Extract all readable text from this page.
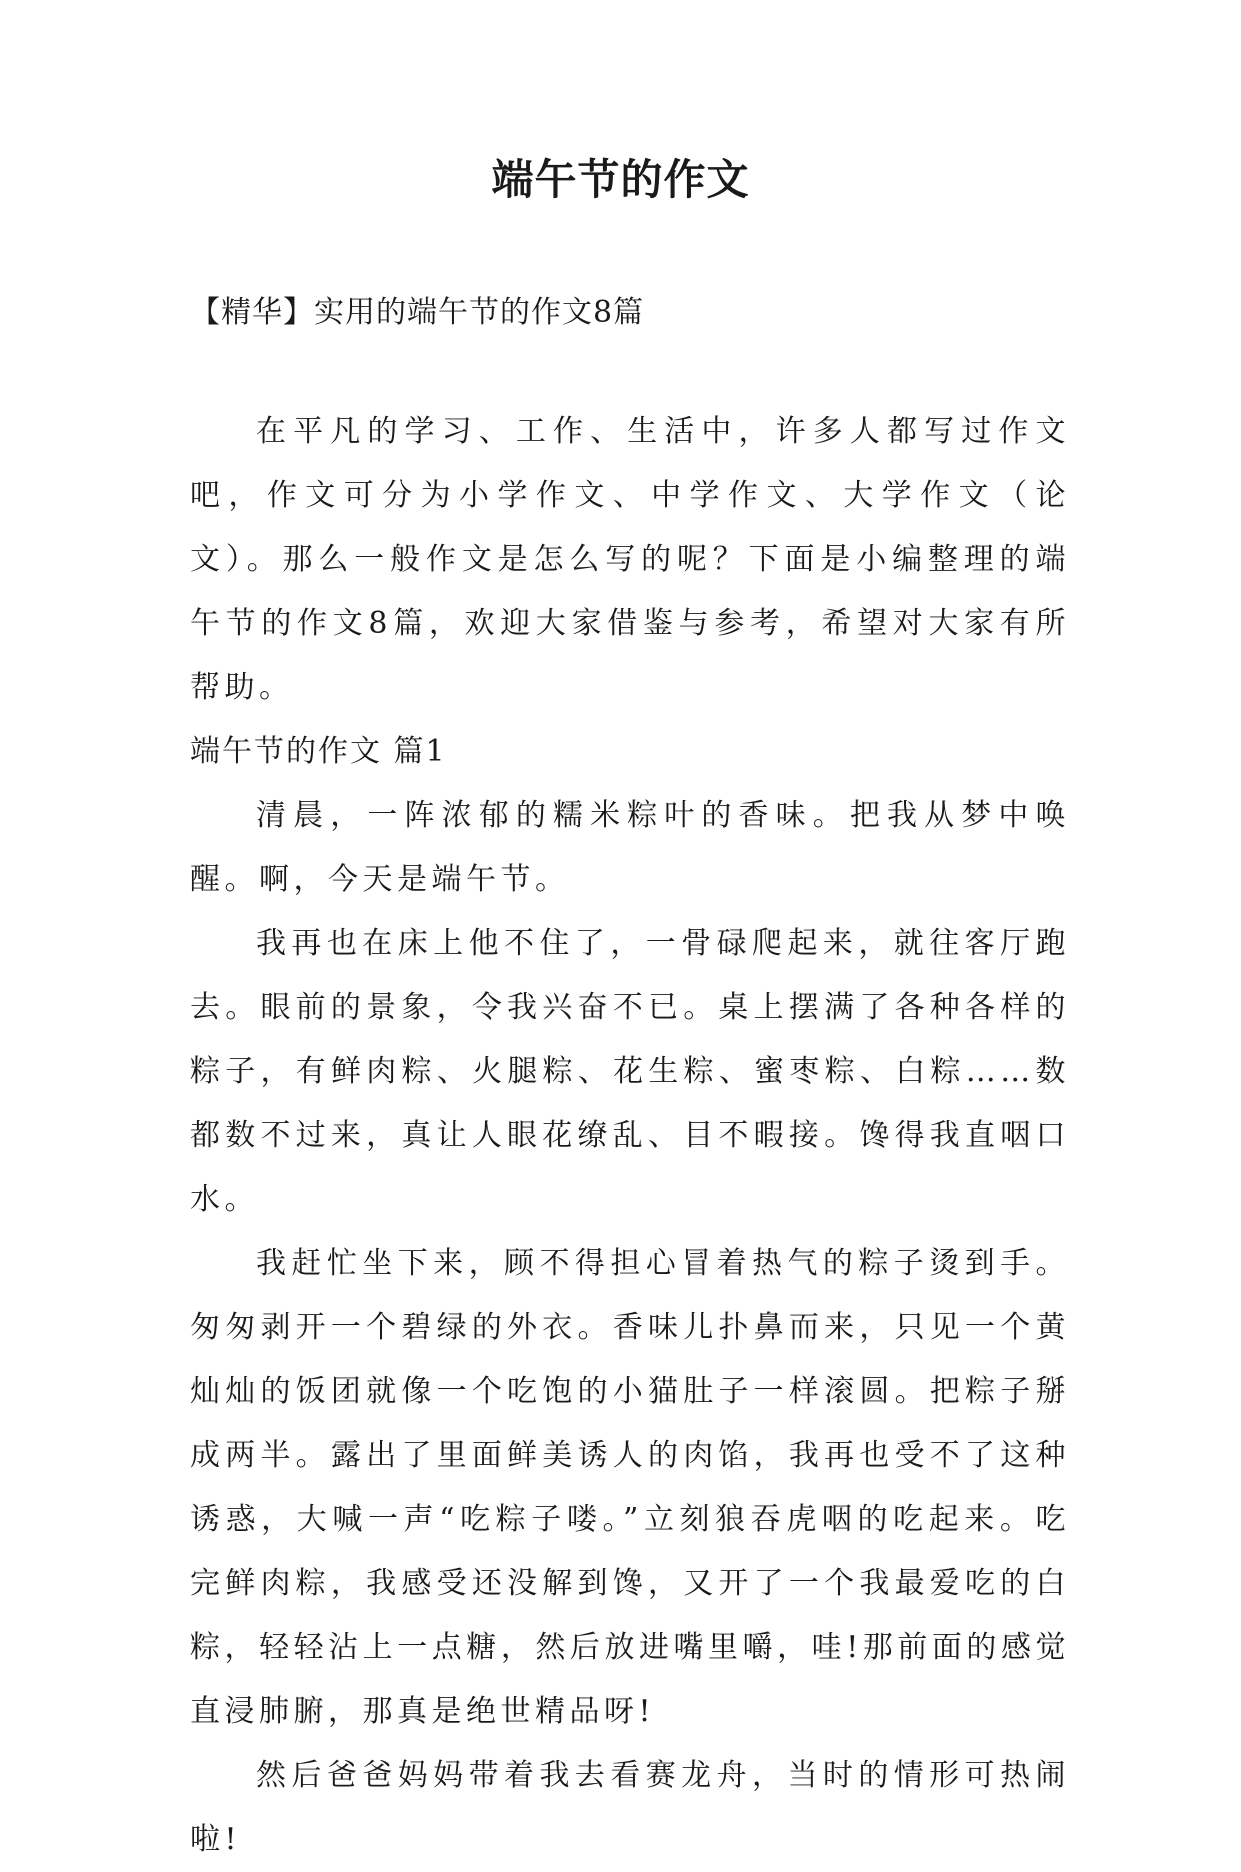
端午节的作文

【精华】实用的端午节的作文8篇

在平凡的学习、工作、生活中，许多人都写过作文吧，作文可分为小学作文、中学作文、大学作文（论文）。那么一般作文是怎么写的呢？下面是小编整理的端午节的作文8篇，欢迎大家借鉴与参考，希望对大家有所帮助。

端午节的作文 篇1

清晨，一阵浓郁的糯米粽叶的香味。把我从梦中唤醒。啊，今天是端午节。

我再也在床上他不住了，一骨碌爬起来，就往客厅跑去。眼前的景象，令我兴奋不已。桌上摆满了各种各样的粽子，有鲜肉粽、火腿粽、花生粽、蜜枣粽、白粽……数都数不过来，真让人眼花缭乱、目不暇接。馋得我直咽口水。

我赶忙坐下来，顾不得担心冒着热气的粽子烫到手。匆匆剥开一个碧绿的外衣。香味儿扑鼻而来，只见一个黄灿灿的饭团就像一个吃饱的小猫肚子一样滚圆。把粽子掰成两半。露出了里面鲜美诱人的肉馅，我再也受不了这种诱惑，大喊一声“吃粽子喽。”立刻狼吞虎咽的吃起来。吃完鲜肉粽，我感受还没解到馋，又开了一个我最爱吃的白粽，轻轻沾上一点糖，然后放进嘴里嚼，哇!那前面的感觉直浸肺腑，那真是绝世精品呀!

然后爸爸妈妈带着我去看赛龙舟，当时的情形可热闹啦!
